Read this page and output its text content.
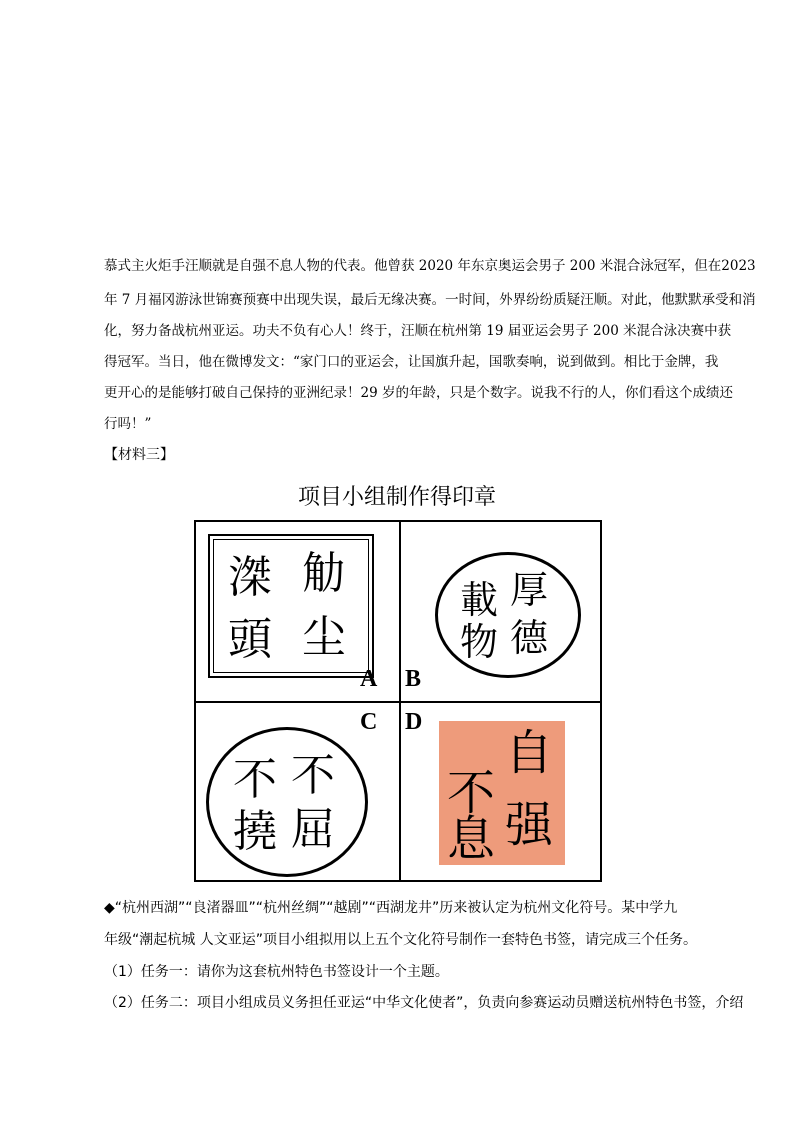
慕式主火炬手汪顺就是自强不息人物的代表。他曾获 2020 年东京奥运会男子 200 米混合泳冠军，但在2023
年 7 月福冈游泳世锦赛预赛中出现失误，最后无缘决赛。一时间，外界纷纷质疑汪顺。对此，他默默承受和消
化，努力备战杭州亚运。功夫不负有心人！终于，汪顺在杭州第 19 届亚运会男子 200 米混合泳决赛中获
得冠军。当日，他在微博发文：“家门口的亚运会，让国旗升起，国歌奏响，说到做到。相比于金牌，我
更开心的是能够打破自己保持的亚洲纪录！29 岁的年龄，只是个数字。说我不行的人，你们看这个成绩还
行吗！”
【材料三】
项目小组制作得印章
觔
滐
尘
頭
A
厚
載
德
物
B
不
不
屈
撓
C D
自
不
强
息
◆“杭州西湖”“良渚器皿”“杭州丝绸”“越剧”“西湖龙井”历来被认定为杭州文化符号。某中学九
年级“潮起杭城 人文亚运”项目小组拟用以上五个文化符号制作一套特色书签，请完成三个任务。
（1）任务一：请你为这套杭州特色书签设计一个主题。
（2）任务二：项目小组成员义务担任亚运“中华文化使者”，负责向参赛运动员赠送杭州特色书签，介绍
